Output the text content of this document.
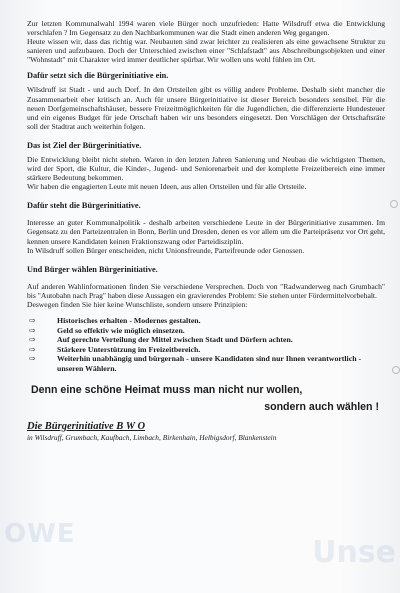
Zur letzten Kommunalwahl 1994 waren viele Bürger noch unzufrieden: Hatte Wilsdruff etwa die Entwicklung verschlafen ? Im Gegensatz zu den Nachbarkommunen war die Stadt einen anderen Weg gegangen.

Heute wissen wir, dass das richtig war. Neubauten sind zwar leichter zu realisieren als eine gewachsene Struktur zu sanieren und aufzubauen. Doch der Unterschied zwischen einer "Schlafstadt" aus Abschreibungsobjekten und einer "Wohnstadt" mit Charakter wird immer deutlicher spürbar. Wir wollen uns wohl fühlen im Ort.

Dafür setzt sich die Bürgerinitiative ein.

Wilsdruff ist Stadt - und auch Dorf. In den Ortsteilen gibt es völlig andere Probleme. Deshalb sieht mancher die Zusammenarbeit eher kritisch an. Auch für unsere Bürgerinitiative ist dieser Bereich besonders sensibel. Für die neuen Dorfgemeinschaftshäuser, bessere Freizeitmöglichkeiten für die Jugendlichen, die differenzierte Hundesteuer und ein eigenes Budget für jede Ortschaft haben wir uns besonders eingesetzt. Den Vorschlägen der Ortschaftsräte soll der Stadtrat auch weiterhin folgen.

Das ist Ziel der Bürgerinitiative.

Die Entwicklung bleibt nicht stehen. Waren in den letzten Jahren Sanierung und Neubau die wichtigsten Themen, wird der Sport, die Kultur, die Kinder-, Jugend- und Seniorenarbeit und der komplette Freizeitbereich eine immer stärkere Bedeutung bekommen.

Wir haben die engagierten Leute mit neuen Ideen, aus allen Ortsteilen und für alle Ortsteile.

Dafür steht die Bürgerinitiative.

Interesse an guter Kommunalpolitik - deshalb arbeiten verschiedene Leute in der Bürgerinitiative zusammen. Im Gegensatz zu den Parteizentralen in Bonn, Berlin und Dresden, denen es vor allem um die Parteipräsenz vor Ort geht, kennen unsere Kandidaten keinen Fraktionszwang oder Parteidisziplin.

In Wilsdruff sollen Bürger entscheiden, nicht Unionsfreunde, Parteifreunde oder Genossen.

Und Bürger wählen Bürgerinitiative.

Auf anderen Wahlinformationen finden Sie verschiedene Versprechen. Doch von "Radwanderweg nach Grumbach" bis "Autobahn nach Prag" haben diese Aussagen ein gravierendes Problem: Sie stehen unter Fördermittelvorbehalt.

Deswegen finden Sie hier keine Wunschliste, sondern unsere Prinzipien:

⇨	Historisches erhalten - Modernes gestalten.
⇨	Geld so effektiv wie möglich einsetzen.
⇨	Auf gerechte Verteilung der Mittel zwischen Stadt und Dörfern achten.
⇨	Stärkere Unterstützung im Freizeitbereich.
⇨	Weiterhin unabhängig und bürgernah - unsere Kandidaten sind nur Ihnen verantwortlich - unseren Wählern.
Denn eine schöne Heimat muss man nicht nur wollen,
sondern auch wählen !
Die Bürgerinitiative B W O
in Wilsdruff, Grumbach, Kaufbach, Limbach, Birkenhain, Helbigsdorf, Blankenstein
OWE
Unse
